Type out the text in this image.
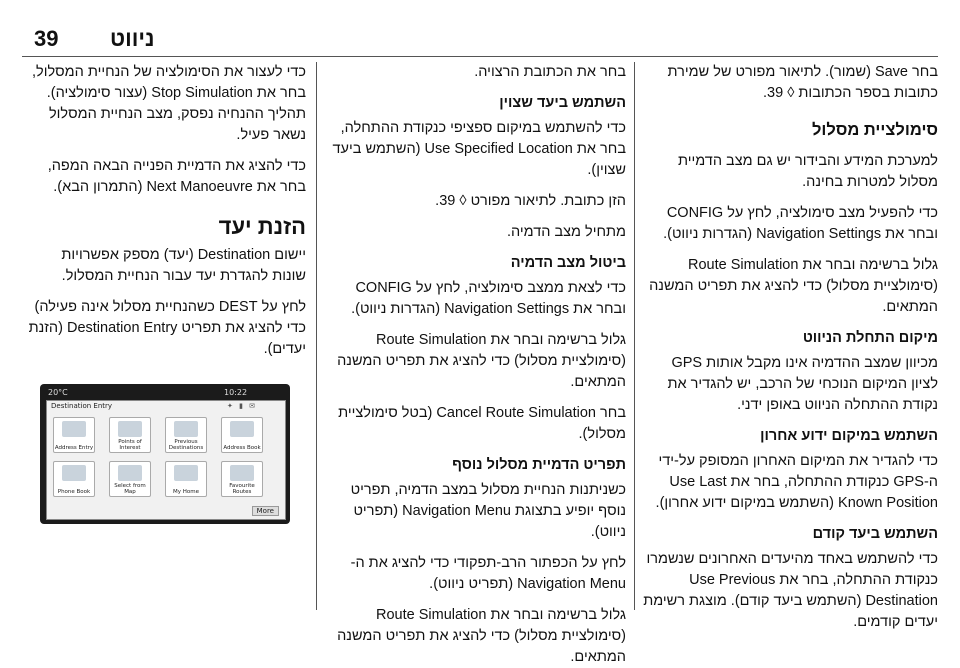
39 ניווט

בחר Save (שמור). לתיאור מפורט של שמירת כתובות בספר הכתובות ◊ 39.

סימולציית מסלול

למערכת המידע והבידור יש גם מצב הדמיית מסלול למטרות בחינה.

כדי להפעיל מצב סימולציה, לחץ על CONFIG ובחר את Navigation Settings (הגדרות ניווט).

גלול ברשימה ובחר את Route Simulation (סימולציית מסלול) כדי להציג את תפריט המשנה המתאים.

מיקום התחלת הניווט

מכיוון שמצב ההדמיה אינו מקבל אותות GPS לציון המיקום הנוכחי של הרכב, יש להגדיר את נקודת ההתחלה הניווט באופן ידני.

השתמש במיקום ידוע אחרון

כדי להגדיר את המיקום האחרון המסופק על-ידי ה-GPS כנקודת ההתחלה, בחר את Use Last Known Position (השתמש במיקום ידוע אחרון).

השתמש ביעד קודם

כדי להשתמש באחד מהיעדים האחרונים שנשמרו כנקודת ההתחלה, בחר את Use Previous Destination (השתמש ביעד קודם). מוצגת רשימת יעדים קודמים.

בחר את הכתובת הרצויה.

השתמש ביעד שצוין

כדי להשתמש במיקום ספציפי כנקודת ההתחלה, בחר את Use Specified Location (השתמש ביעד שצוין).

הזן כתובת. לתיאור מפורט ◊ 39.

מתחיל מצב הדמיה.

ביטול מצב הדמיה

כדי לצאת ממצב סימולציה, לחץ על CONFIG ובחר את Navigation Settings (הגדרות ניווט).

גלול ברשימה ובחר את Route Simulation (סימולציית מסלול) כדי להציג את תפריט המשנה המתאים.

בחר Cancel Route Simulation (בטל סימולציית מסלול).

תפריט הדמיית מסלול נוסף

כשניתנות הנחיית מסלול במצב הדמיה, תפריט נוסף יופיע בתצוגת Navigation Menu (תפריט ניווט).

לחץ על הכפתור הרב-תפקודי כדי להציג את ה-Navigation Menu (תפריט ניווט).

גלול ברשימה ובחר את Route Simulation (סימולציית מסלול) כדי להציג את תפריט המשנה המתאים.

כדי לעצור את הסימולציה של הנחיית המסלול, בחר את Stop Simulation (עצור סימולציה). תהליך ההנחיה נפסק, מצב הנחיית המסלול נשאר פעיל.

כדי להציג את הדמיית הפנייה הבאה המפה, בחר את Next Manoeuvre (התמרון הבא).

הזנת יעד

יישום Destination (יעד) מספק אפשרויות שונות להגדרת יעד עבור הנחיית המסלול.

לחץ על DEST כשהנחיית מסלול אינה פעילה) כדי להציג את תפריט Destination Entry (הזנת יעדים).

20°C	10:22
Destination Entry	✦ ▮ ✉
Address Entry
Points of Interest
Previous Destinations	Address Book
Phone Book
Select from Map	My Home
Favourite Routes
More
